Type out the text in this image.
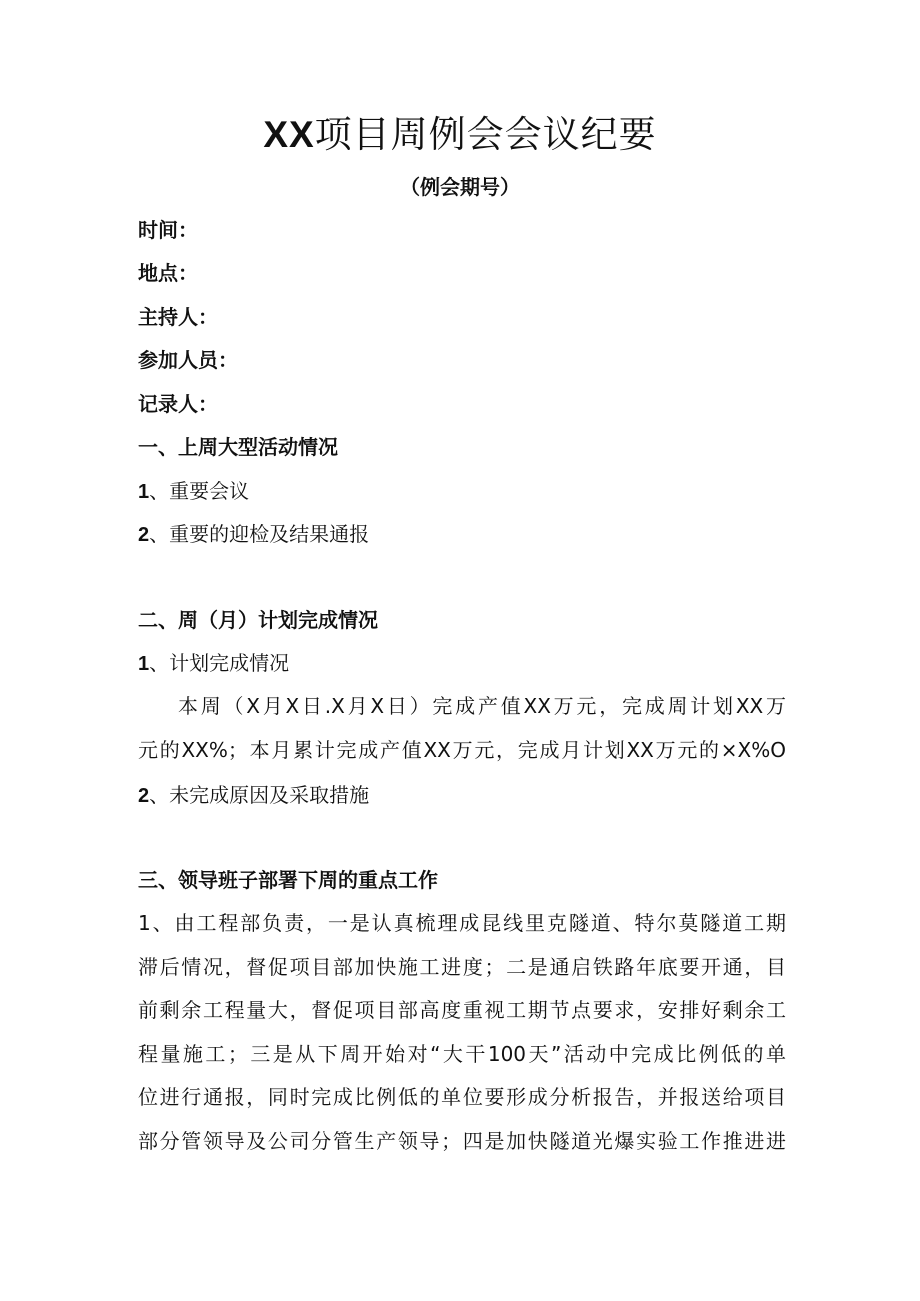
XX项目周例会会议纪要
（例会期号）
时间：
地点：
主持人：
参加人员：
记录人：
一、上周大型活动情况
1、重要会议
2、重要的迎检及结果通报
二、周（月）计划完成情况
1、计划完成情况
本周（X月X日.X月X日）完成产值XX万元，完成周计划XX万
元的XX%；本月累计完成产值XX万元，完成月计划XX万元的×X%O
2、未完成原因及采取措施
三、领导班子部署下周的重点工作
1、由工程部负责，一是认真梳理成昆线里克隧道、特尔莫隧道工期
滞后情况，督促项目部加快施工进度；二是通启铁路年底要开通，目
前剩余工程量大，督促项目部高度重视工期节点要求，安排好剩余工
程量施工；三是从下周开始对“大干100天”活动中完成比例低的单
位进行通报，同时完成比例低的单位要形成分析报告，并报送给项目
部分管领导及公司分管生产领导；四是加快隧道光爆实验工作推进进
